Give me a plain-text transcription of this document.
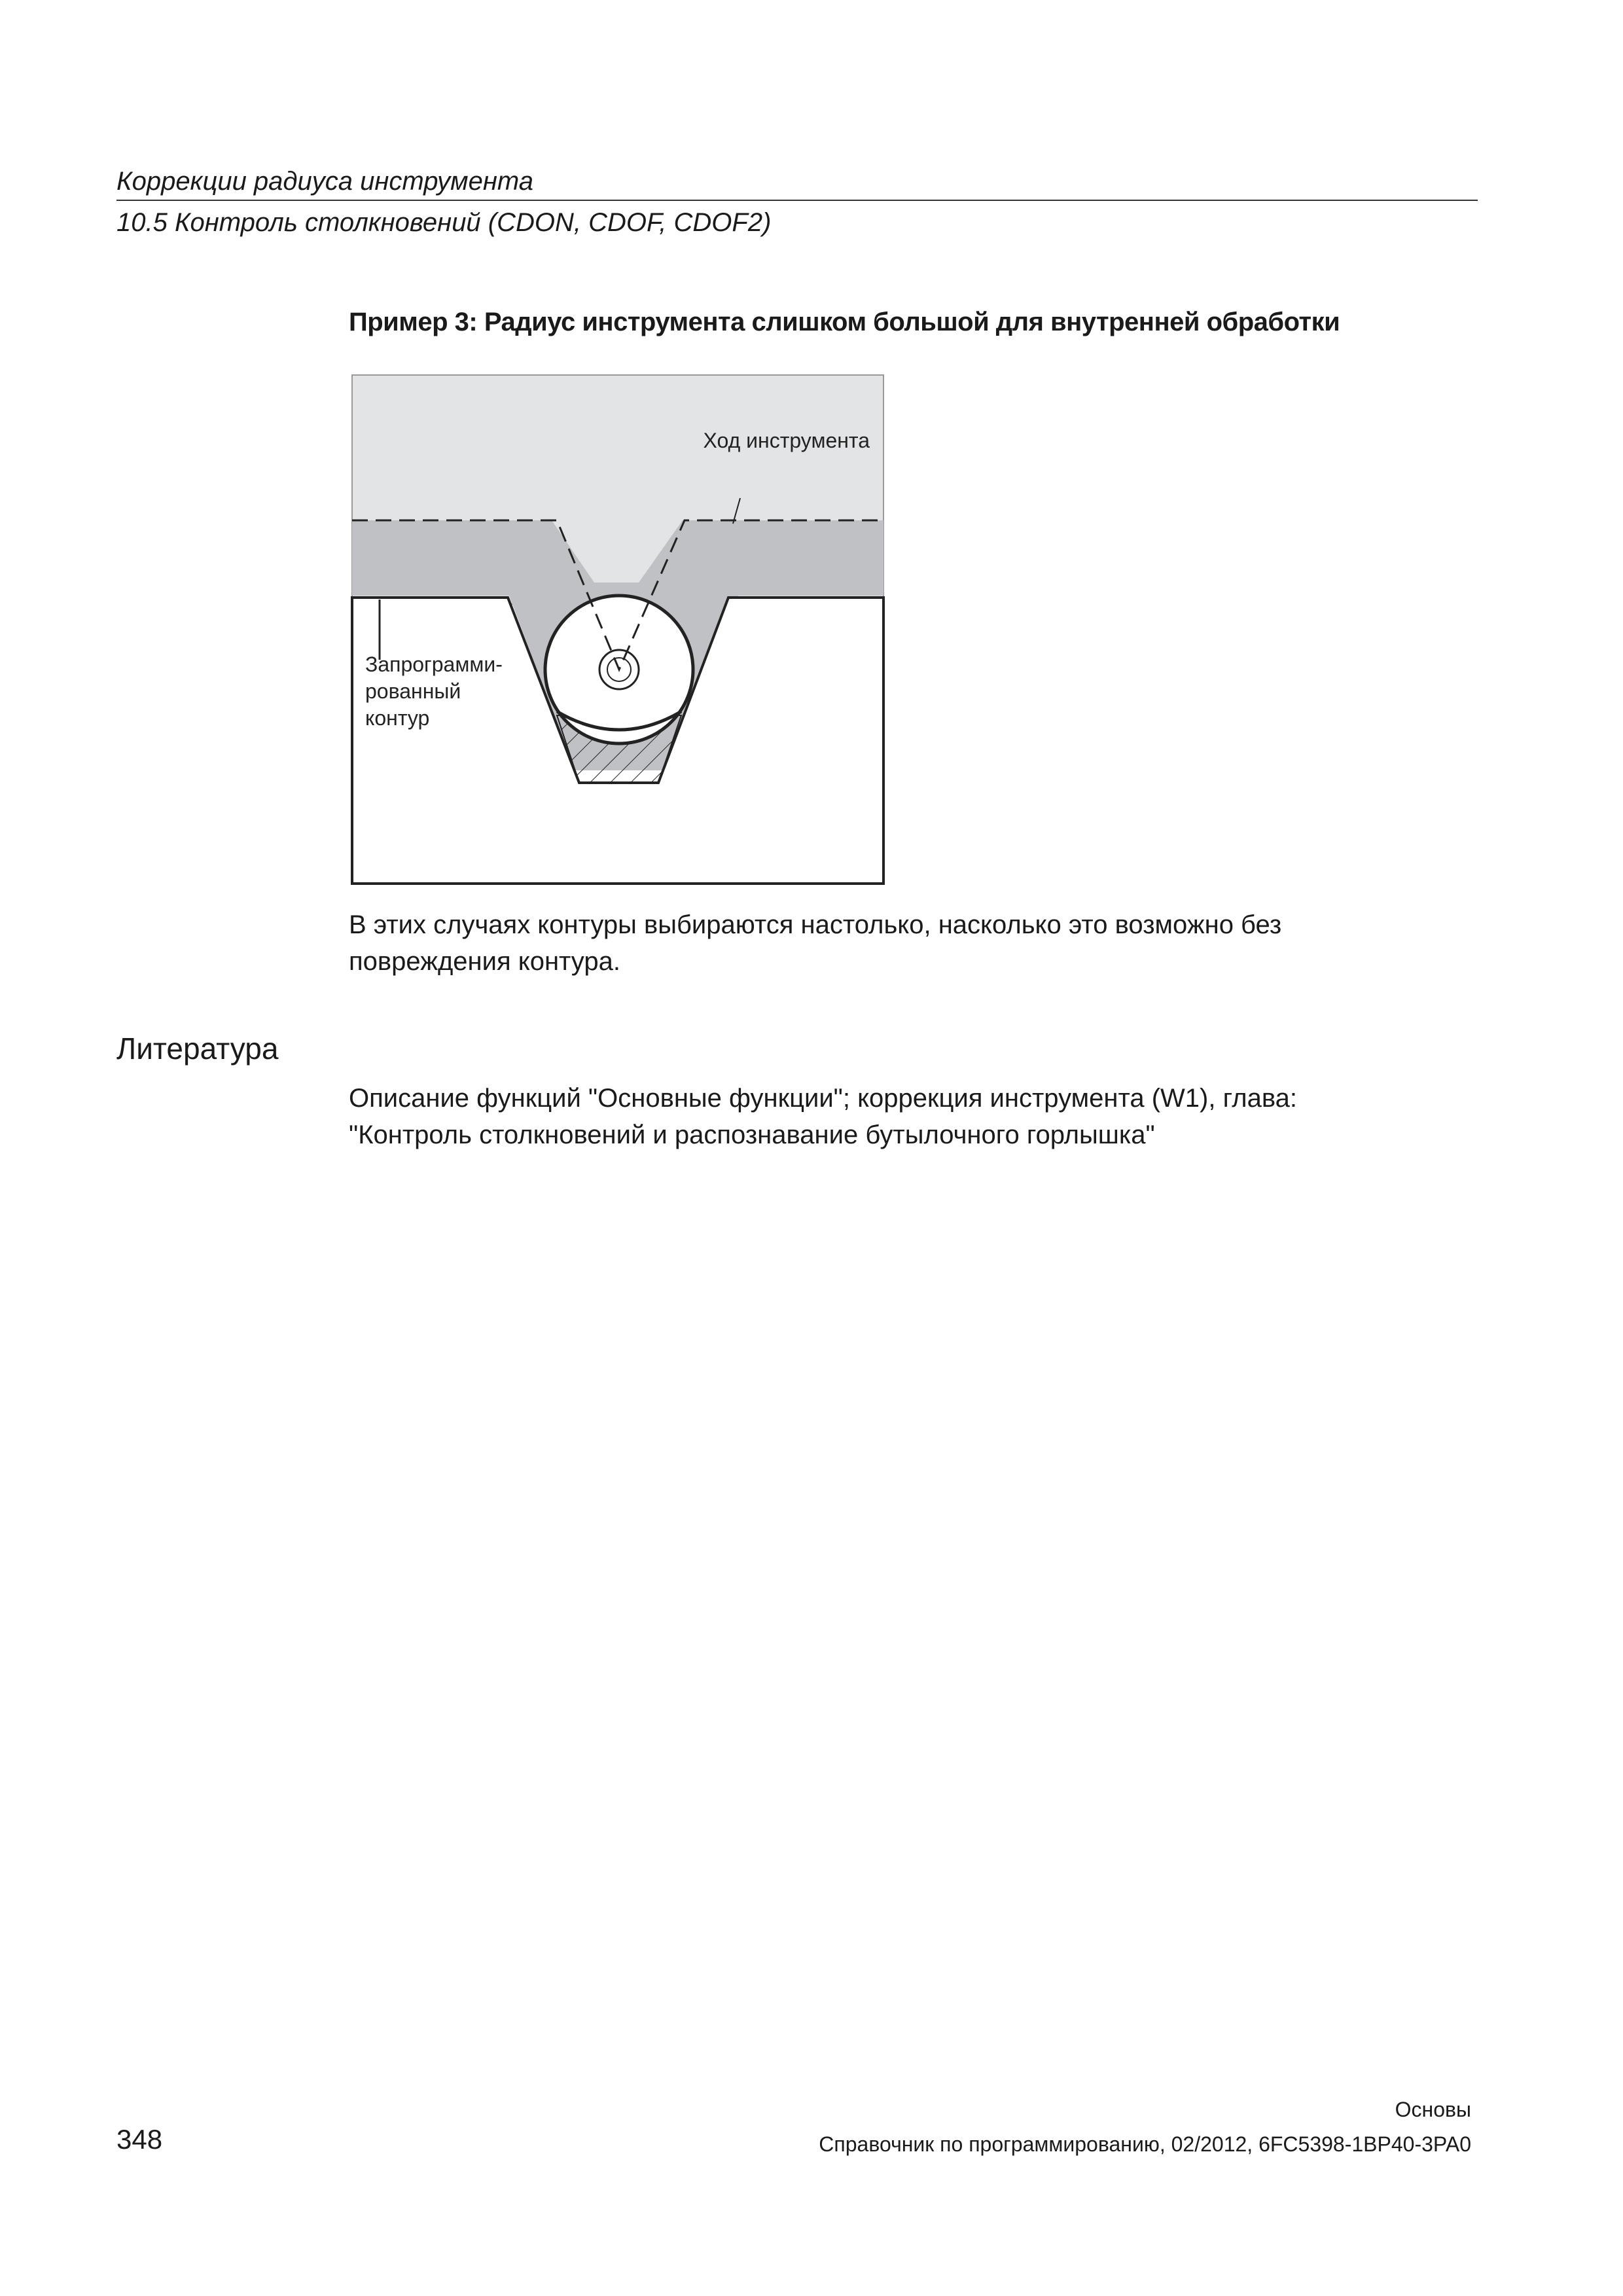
Коррекции радиуса инструмента
10.5 Контроль столкновений (CDON, CDOF, CDOF2)
Пример 3: Радиус инструмента слишком большой для внутренней обработки
Ход инструмента
Запрограмми-
рованный
контур
В этих случаях контуры выбираются настолько, насколько это возможно без повреждения контура.
Литература
Описание функций "Основные функции"; коррекция инструмента (W1), глава:
"Контроль столкновений и распознавание бутылочного горлышка"
348
Основы
Справочник по программированию, 02/2012, 6FC5398-1BP40-3PA0
